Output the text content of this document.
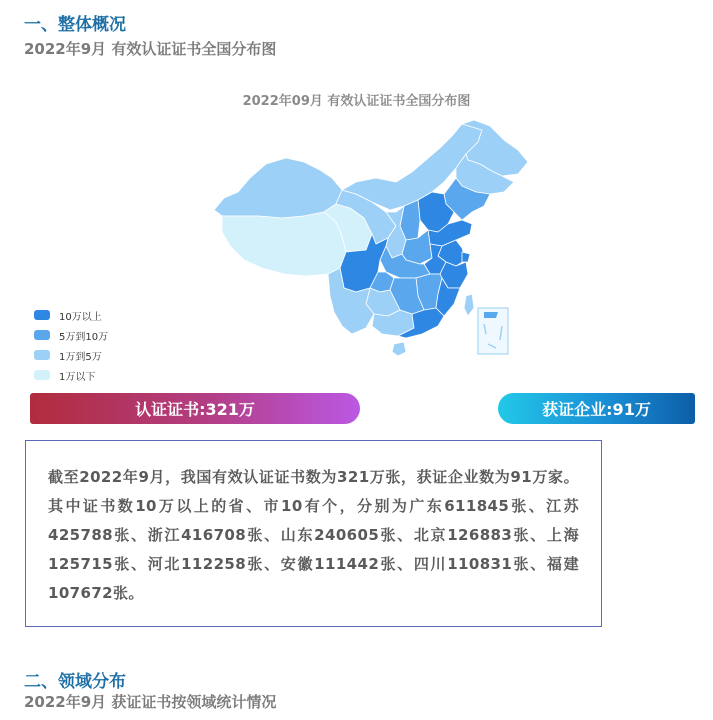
一、整体概况
2022年9月 有效认证证书全国分布图
2022年09月 有效认证证书全国分布图
10万以上
5万到10万
1万到5万
1万以下
认证证书:321万	获证企业:91万

截至2022年9月，我国有效认证证书数为321万张，获证企业数为91万家。其中证书数10万以上的省、市10有个，分别为广东611845张、江苏425788张、浙江416708张、山东240605张、北京126883张、上海125715张、河北112258张、安徽111442张、四川110831张、福建107672张。

二、领域分布
2022年9月 获证证书按领域统计情况
